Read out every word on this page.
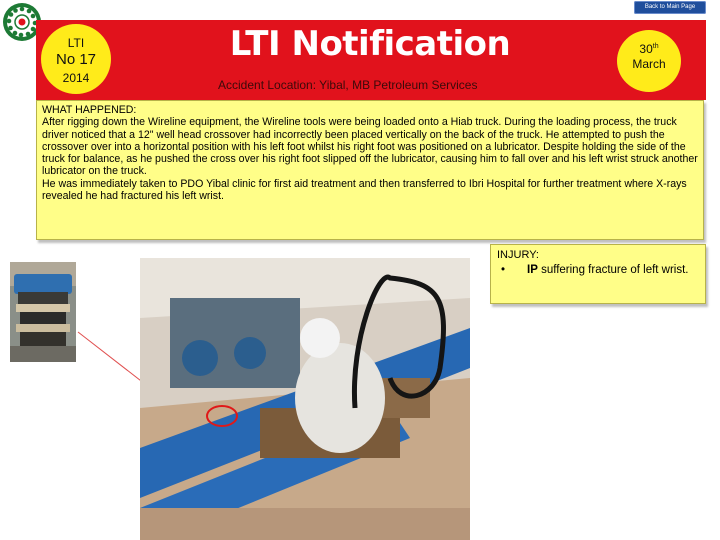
Back to Main Page
LTI
No 17
2014
LTI Notification
Accident Location: Yibal, MB Petroleum Services
30th
March
WHAT HAPPENED:

After rigging down the Wireline equipment, the Wireline tools were being loaded onto a Hiab truck. During the loading process, the truck driver noticed that a 12" well head crossover had incorrectly been placed vertically on the back of the truck. He attempted to push the crossover over into a horizontal position with his left foot whilst his right foot was positioned on a lubricator. Despite holding the side of the truck for balance, as he pushed the cross over his right foot slipped off the lubricator, causing him to fall over and his left wrist struck another lubricator on the truck.

He was immediately taken to PDO Yibal clinic for first aid treatment and then transferred to Ibri Hospital for further treatment where X-rays revealed he had fractured his left wrist.

INJURY:
•	IP suffering fracture of left wrist.
